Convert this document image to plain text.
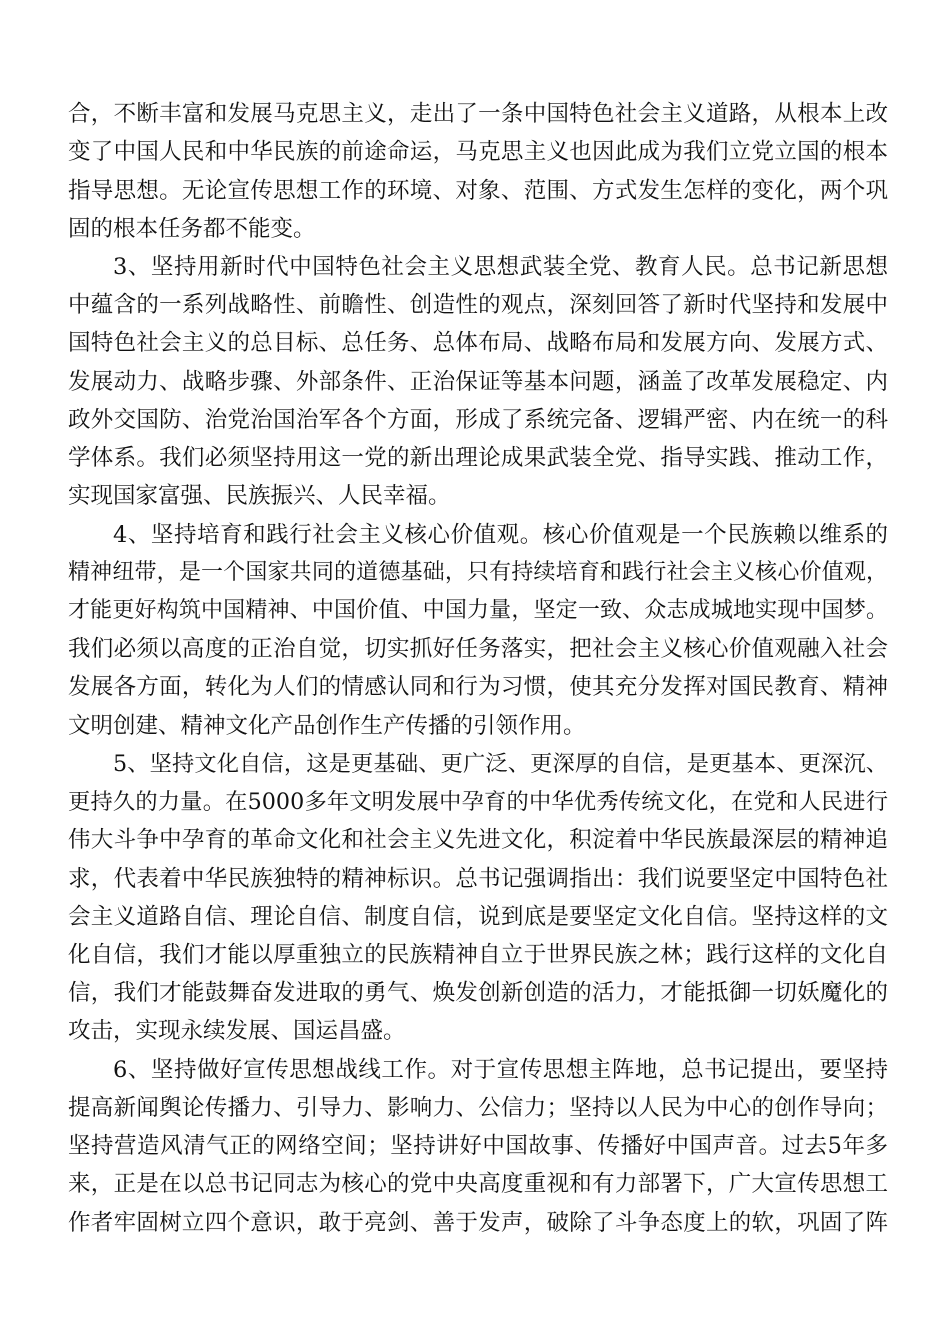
合，不断丰富和发展马克思主义，走出了一条中国特色社会主义道路，从根本上改

变了中国人民和中华民族的前途命运，马克思主义也因此成为我们立党立国的根本

指导思想。无论宣传思想工作的环境、对象、范围、方式发生怎样的变化，两个巩

固的根本任务都不能变。

3、坚持用新时代中国特色社会主义思想武装全党、教育人民。总书记新思想

中蕴含的一系列战略性、前瞻性、创造性的观点，深刻回答了新时代坚持和发展中

国特色社会主义的总目标、总任务、总体布局、战略布局和发展方向、发展方式、

发展动力、战略步骤、外部条件、正治保证等基本问题，涵盖了改革发展稳定、内

政外交国防、治党治国治军各个方面，形成了系统完备、逻辑严密、内在统一的科

学体系。我们必须坚持用这一党的新出理论成果武装全党、指导实践、推动工作，

实现国家富强、民族振兴、人民幸福。

4、坚持培育和践行社会主义核心价值观。核心价值观是一个民族赖以维系的

精神纽带，是一个国家共同的道德基础，只有持续培育和践行社会主义核心价值观，

才能更好构筑中国精神、中国价值、中国力量，坚定一致、众志成城地实现中国梦。

我们必须以高度的正治自觉，切实抓好任务落实，把社会主义核心价值观融入社会

发展各方面，转化为人们的情感认同和行为习惯，使其充分发挥对国民教育、精神

文明创建、精神文化产品创作生产传播的引领作用。

5、坚持文化自信，这是更基础、更广泛、更深厚的自信，是更基本、更深沉、

更持久的力量。在5000多年文明发展中孕育的中华优秀传统文化，在党和人民进行

伟大斗争中孕育的革命文化和社会主义先进文化，积淀着中华民族最深层的精神追

求，代表着中华民族独特的精神标识。总书记强调指出：我们说要坚定中国特色社

会主义道路自信、理论自信、制度自信，说到底是要坚定文化自信。坚持这样的文

化自信，我们才能以厚重独立的民族精神自立于世界民族之林；践行这样的文化自

信，我们才能鼓舞奋发进取的勇气、焕发创新创造的活力，才能抵御一切妖魔化的

攻击，实现永续发展、国运昌盛。

6、坚持做好宣传思想战线工作。对于宣传思想主阵地，总书记提出，要坚持

提高新闻舆论传播力、引导力、影响力、公信力；坚持以人民为中心的创作导向；

坚持营造风清气正的网络空间；坚持讲好中国故事、传播好中国声音。过去5年多

来，正是在以总书记同志为核心的党中央高度重视和有力部署下，广大宣传思想工

作者牢固树立四个意识，敢于亮剑、善于发声，破除了斗争态度上的软，巩固了阵
